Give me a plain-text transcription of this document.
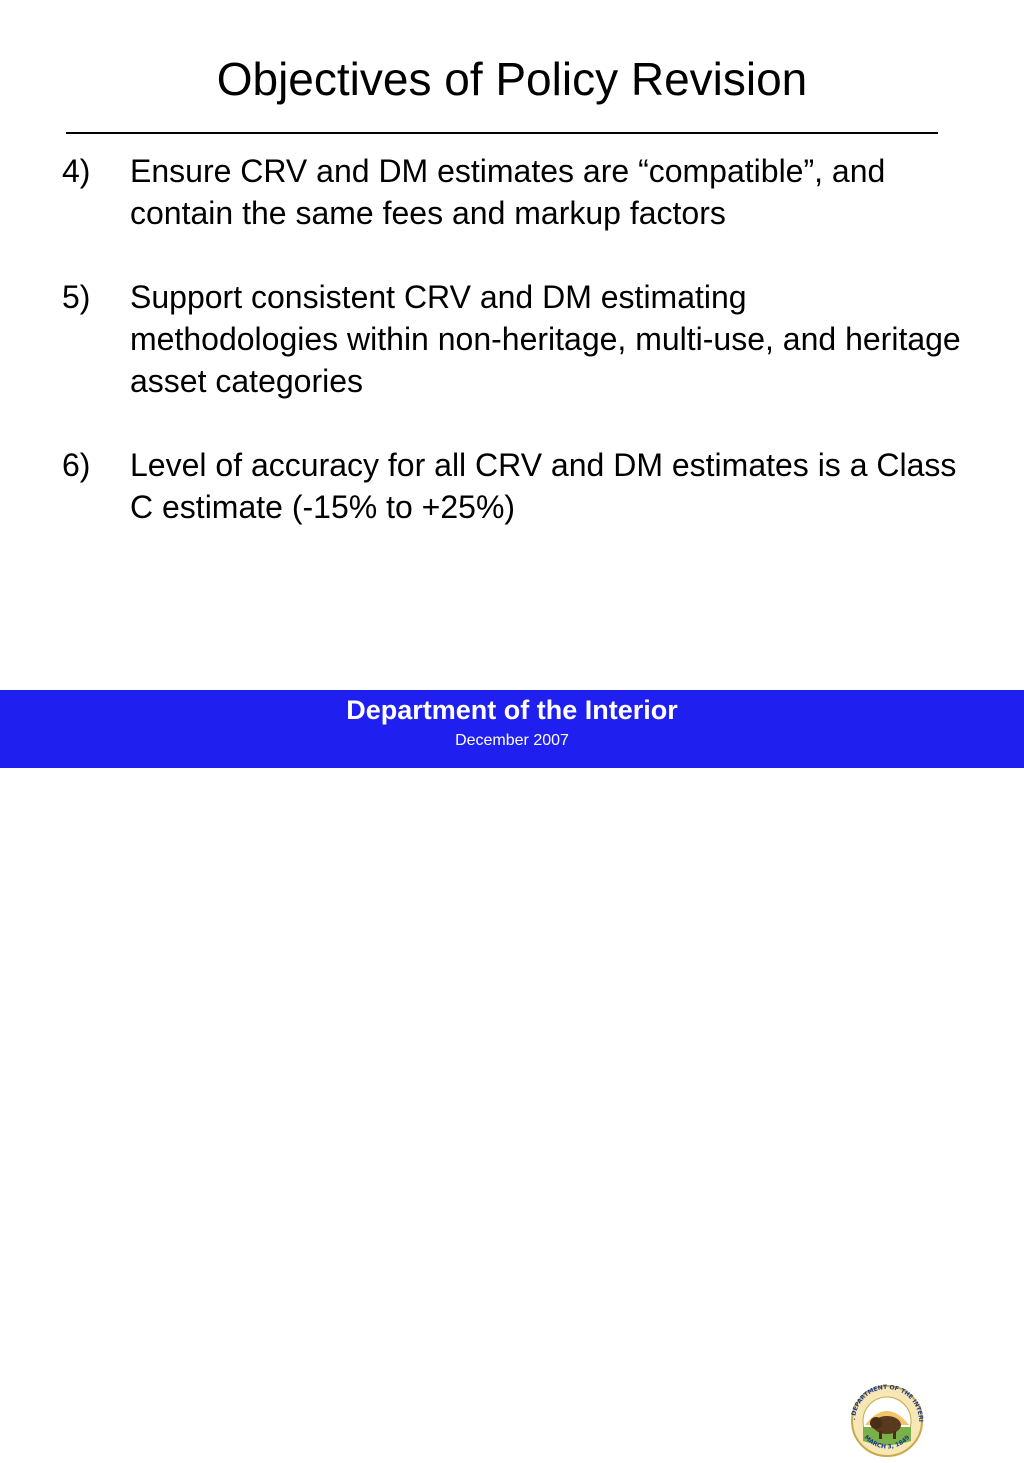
Objectives of Policy Revision
4)	Ensure CRV and DM estimates are “compatible”, and contain the same fees and markup factors
5)	Support consistent CRV and DM estimating methodologies within non-heritage, multi-use, and heritage asset categories
6)	Level of accuracy for all CRV and DM estimates is a Class C estimate (-15% to +25%)
Department of the Interior
December 2007
. DEPARTMENT OF THE INTERI
MARCH 3, 1849
